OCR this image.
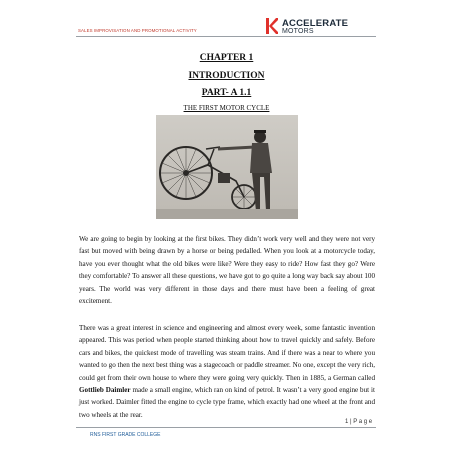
SALES IMPROVISATION AND PROMOTIONAL ACTIVITY
ACCELERATE
MOTORS
CHAPTER 1
INTRODUCTION
PART- A 1.1
THE FIRST MOTOR CYCLE
We are going to begin by looking at the first bikes. They didn’t work very well and they were not very fast but moved with being drawn by a horse or being pedalled. When you look at a motorcycle today, have you ever thought what the old bikes were like? Were they easy to ride? How fast they go? Were they comfortable? To answer all these questions, we have got to go quite a long way back say about 100 years. The world was very different in those days and there must have been a feeling of great excitement.
There was a great interest in science and engineering and almost every week, some fantastic invention appeared. This was period when people started thinking about how to travel quickly and safely. Before cars and bikes, the quickest mode of travelling was steam trains. And if there was a near to where you wanted to go then the next best thing was a stagecoach or paddle streamer. No one, except the very rich, could get from their own house to where they were going very quickly. Then in 1885, a German called Gottlieb Daimler made a small engine, which ran on kind of petrol. It wasn’t a very good engine but it just worked. Daimler fitted the engine to cycle type frame, which exactly had one wheel at the front and two wheels at the rear.
1 | P a g e
RNS FIRST GRADE COLLEGE
